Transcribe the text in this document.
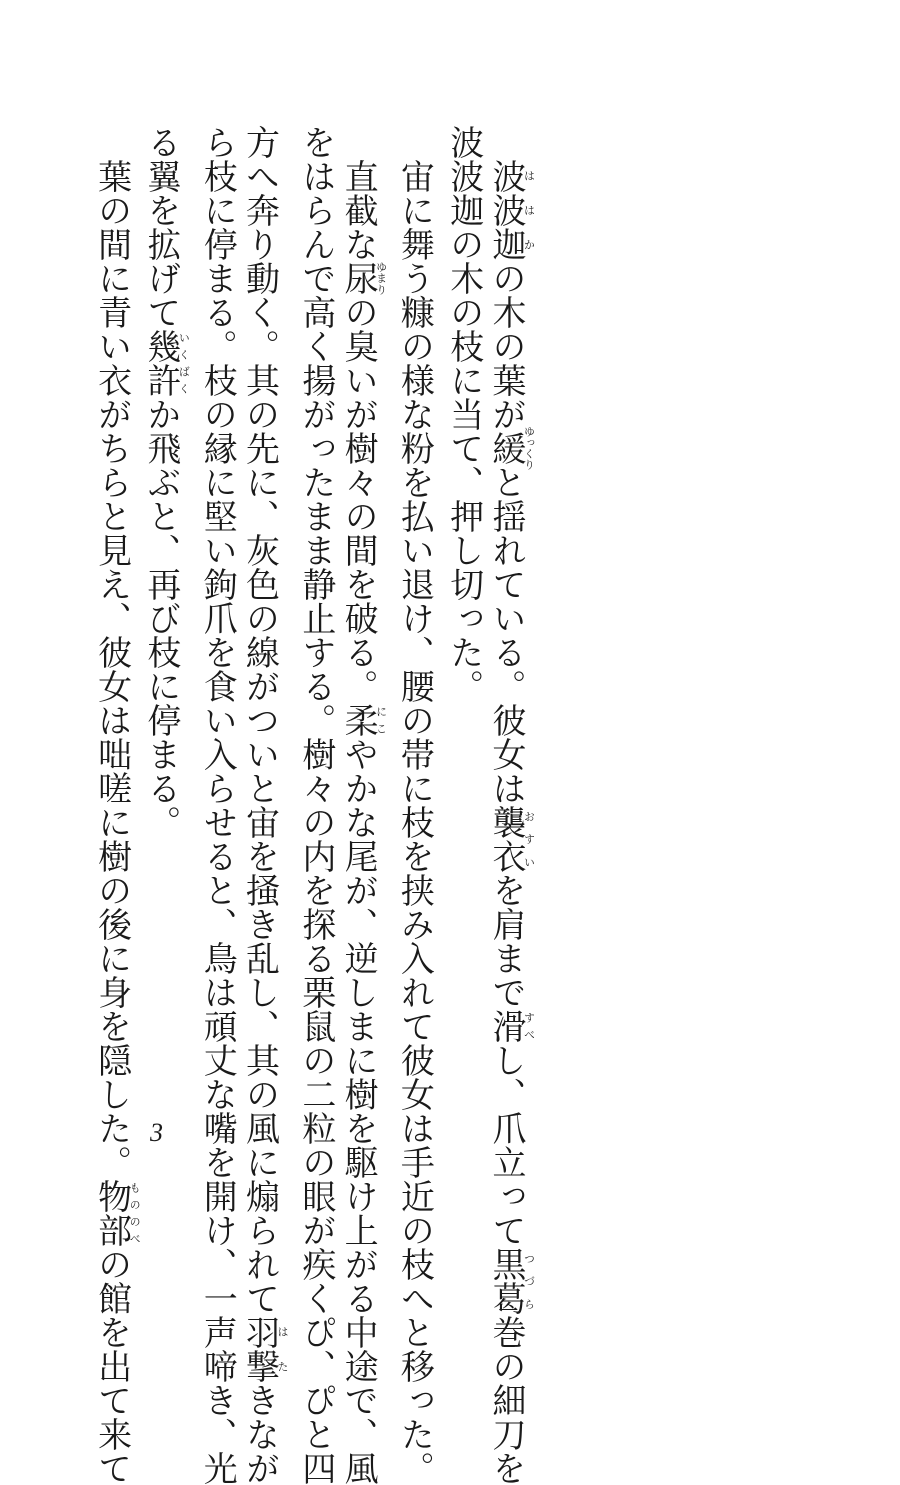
　波波迦ははかの木の葉が緩ゆっくりと揺れている。彼女は襲衣おすいを肩まで滑すべし、爪立って黒葛つづら巻の細刀を
波波迦の木の枝に当て、押し切った。
　宙に舞う糠の様な粉を払い退け、腰の帯に枝を挟み入れて彼女は手近の枝へと移った。
　直截な尿ゆまりの臭いが樹々の間を破る。柔にこやかな尾が、逆しまに樹を駆け上がる中途で、風
をはらんで高く揚がったまま静止する。樹々の内を探る栗鼠の二粒の眼が疾くぴ、ぴと四
方へ奔り動く。其の先に、灰色の線がついと宙を掻き乱し、其の風に煽られて羽撃はたきなが
ら枝に停まる。枝の縁に堅い鉤爪を食い入らせると、鳥は頑丈な嘴を開け、一声啼き、光
る翼を拡げて幾許いくばくか飛ぶと、再び枝に停まる。
　葉の間に青い衣がちらと見え、彼女は咄嗟に樹の後に身を隠した。物部もののべの館を出て来て
3
